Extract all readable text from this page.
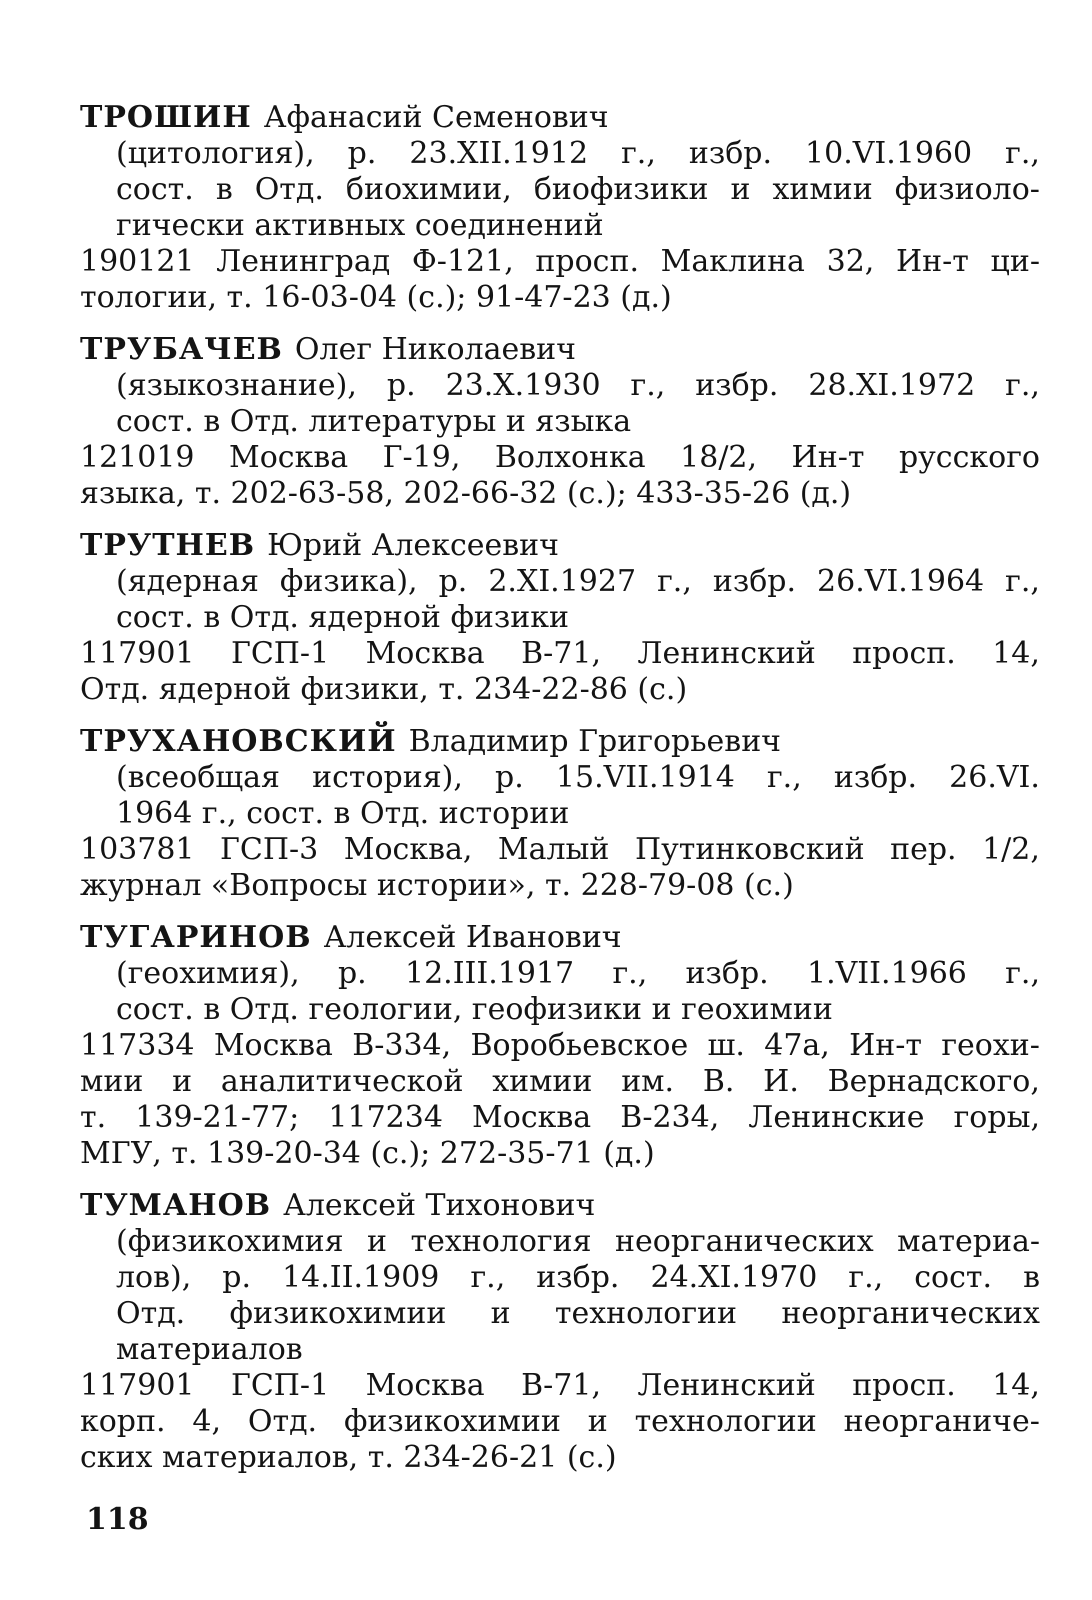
ТРОШИН Афанасий Семенович
(цитология), р. 23.XII.1912 г., избр. 10.VI.1960 г.,
сост. в Отд. биохимии, биофизики и химии физиоло-
гически активных соединений
190121 Ленинград Ф-121, просп. Маклина 32, Ин-т ци-
тологии, т. 16-03-04 (с.); 91-47-23 (д.)
ТРУБАЧЕВ Олег Николаевич
(языкознание), р. 23.X.1930 г., избр. 28.XI.1972 г.,
сост. в Отд. литературы и языка
121019 Москва Г-19, Волхонка 18/2, Ин-т русского
языка, т. 202-63-58, 202-66-32 (с.); 433-35-26 (д.)
ТРУТНЕВ Юрий Алексеевич
(ядерная физика), р. 2.XI.1927 г., избр. 26.VI.1964 г.,
сост. в Отд. ядерной физики
117901 ГСП-1 Москва В-71, Ленинский просп. 14,
Отд. ядерной физики, т. 234-22-86 (с.)
ТРУХАНОВСКИЙ Владимир Григорьевич
(всеобщая история), р. 15.VII.1914 г., избр. 26.VI.
1964 г., сост. в Отд. истории
103781 ГСП-3 Москва, Малый Путинковский пер. 1/2,
журнал «Вопросы истории», т. 228-79-08 (с.)
ТУГАРИНОВ Алексей Иванович
(геохимия), р. 12.III.1917 г., избр. 1.VII.1966 г.,
сост. в Отд. геологии, геофизики и геохимии
117334 Москва В-334, Воробьевское ш. 47а, Ин-т геохи-
мии и аналитической химии им. В. И. Вернадского,
т. 139-21-77; 117234 Москва В-234, Ленинские горы,
МГУ, т. 139-20-34 (с.); 272-35-71 (д.)
ТУМАНОВ Алексей Тихонович
(физикохимия и технология неорганических материа-
лов), р. 14.II.1909 г., избр. 24.XI.1970 г., сост. в
Отд. физикохимии и технологии неорганических
материалов
117901 ГСП-1 Москва В-71, Ленинский просп. 14,
корп. 4, Отд. физикохимии и технологии неорганиче-
ских материалов, т. 234-26-21 (с.)
118
